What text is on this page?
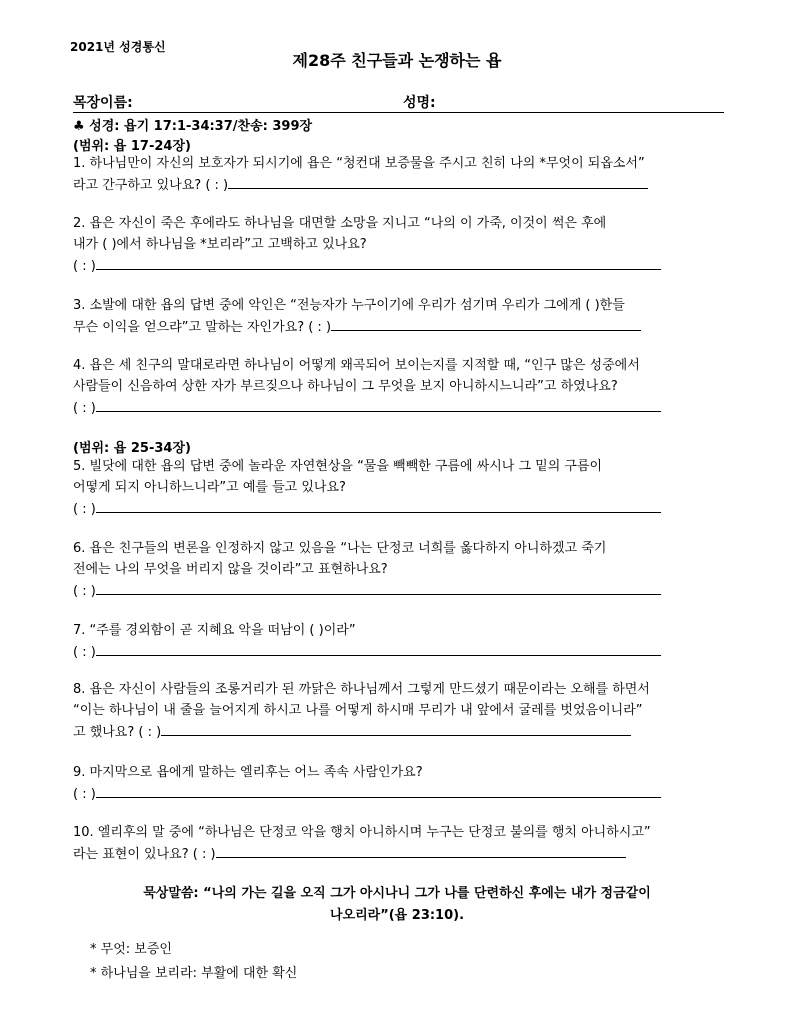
2021년 성경통신
제28주 친구들과 논쟁하는 욥
목장이름:	성명:
♣ 성경: 욥기 17:1-34:37/찬송: 399장
(범위: 욥 17-24장)

1. 하나님만이 자신의 보호자가 되시기에 욥은 “청컨대 보증물을 주시고 친히 나의 *무엇이 되옵소서”

라고 간구하고 있나요? ( : )

2. 욥은 자신이 죽은 후에라도 하나님을 대면할 소망을 지니고 “나의 이 가죽, 이것이 썩은 후에

내가 ( )에서 하나님을 *보리라”고 고백하고 있나요?

( : )

3. 소발에 대한 욥의 답변 중에 악인은 “전능자가 누구이기에 우리가 섬기며 우리가 그에게 ( )한들

무슨 이익을 얻으랴”고 말하는 자인가요? ( : )

4. 욥은 세 친구의 말대로라면 하나님이 어떻게 왜곡되어 보이는지를 지적할 때, “인구 많은 성중에서

사람들이 신음하여 상한 자가 부르짖으나 하나님이 그 무엇을 보지 아니하시느니라”고 하였나요?

( : )

(범위: 욥 25-34장)

5. 빌닷에 대한 욥의 답변 중에 놀라운 자연현상을 “물을 빽빽한 구름에 싸시나 그 밑의 구름이

어떻게 되지 아니하느니라”고 예를 들고 있나요?

( : )

6. 욥은 친구들의 변론을 인정하지 않고 있음을 “나는 단정코 너희를 옳다하지 아니하겠고 죽기

전에는 나의 무엇을 버리지 않을 것이라”고 표현하나요?

( : )

7. “주를 경외함이 곧 지혜요 악을 떠남이 ( )이라”

( : )

8. 욥은 자신이 사람들의 조롱거리가 된 까닭은 하나님께서 그렇게 만드셨기 때문이라는 오해를 하면서

“이는 하나님이 내 줄을 늘어지게 하시고 나를 어떻게 하시매 무리가 내 앞에서 굴레를 벗었음이니라”

고 했나요? ( : )

9. 마지막으로 욥에게 말하는 엘리후는 어느 족속 사람인가요?

( : )

10. 엘리후의 말 중에 “하나님은 단정코 악을 행치 아니하시며 누구는 단정코 불의를 행치 아니하시고”

라는 표현이 있나요? ( : )

묵상말씀: “나의 가는 길을 오직 그가 아시나니 그가 나를 단련하신 후에는 내가 정금같이
나오리라”(욥 23:10).

* 무엇: 보증인

* 하나님을 보리라: 부활에 대한 확신
